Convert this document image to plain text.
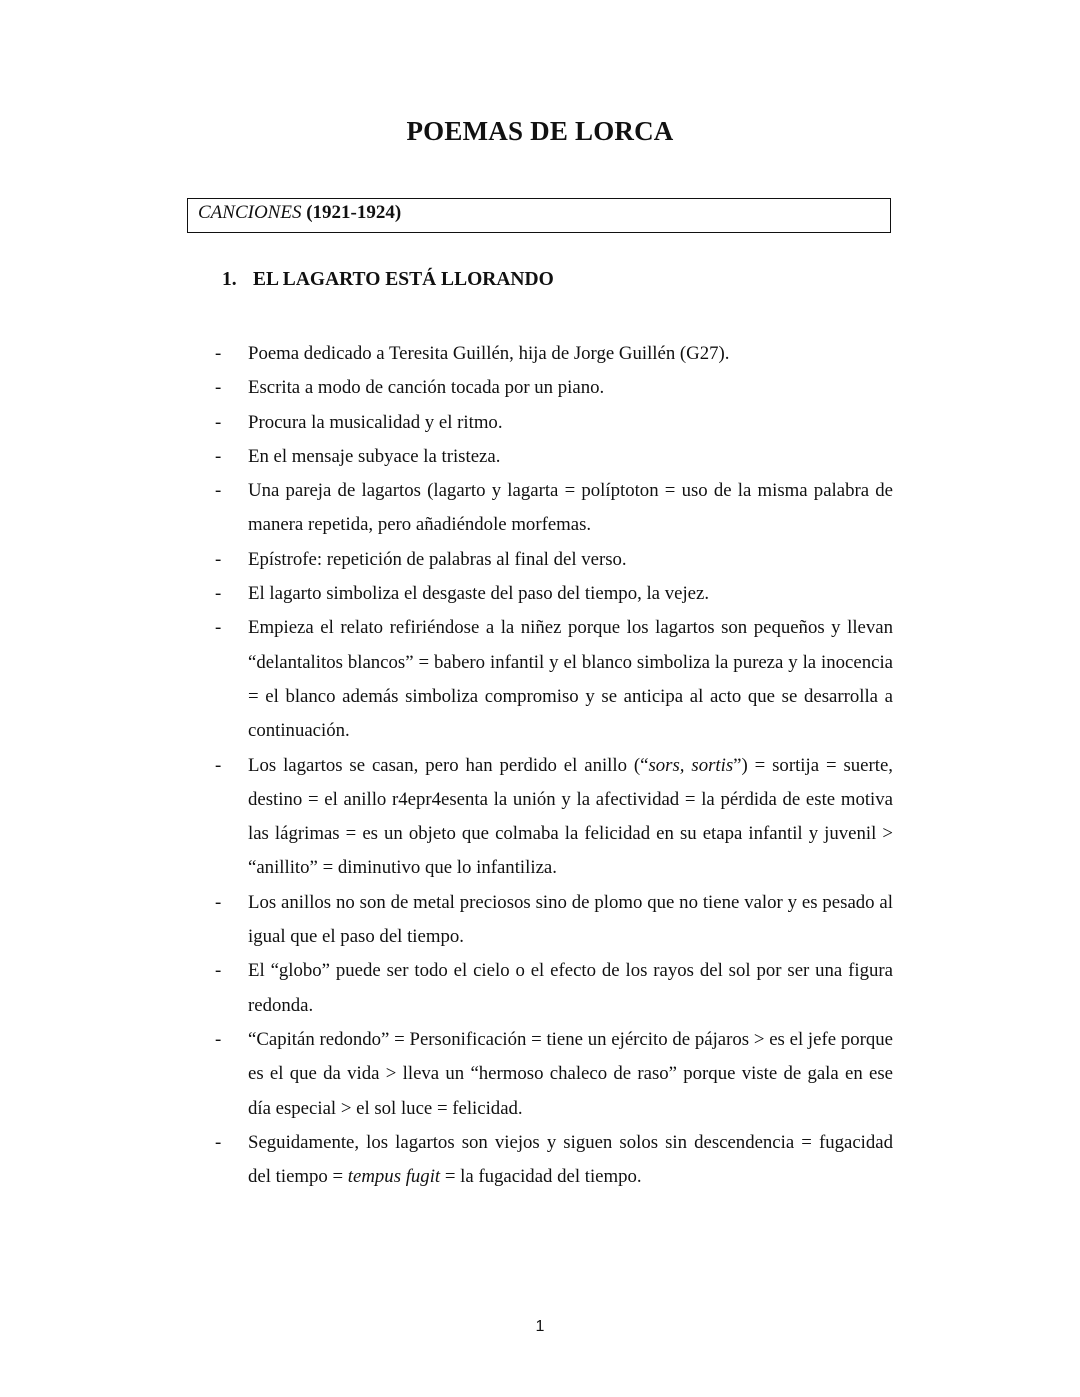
POEMAS DE LORCA
CANCIONES (1921-1924)
1. EL LAGARTO ESTÁ LLORANDO
- Poema dedicado a Teresita Guillén, hija de Jorge Guillén (G27).
- Escrita a modo de canción tocada por un piano.
- Procura la musicalidad y el ritmo.
- En el mensaje subyace la tristeza.
- Una pareja de lagartos (lagarto y lagarta = políptoton = uso de la misma palabra de manera repetida, pero añadiéndole morfemas.
- Epístrofe: repetición de palabras al final del verso.
- El lagarto simboliza el desgaste del paso del tiempo, la vejez.
- Empieza el relato refiriéndose a la niñez porque los lagartos son pequeños y llevan “delantalitos blancos” = babero infantil y el blanco simboliza la pureza y la inocencia = el blanco además simboliza compromiso y se anticipa al acto que se desarrolla a continuación.
- Los lagartos se casan, pero han perdido el anillo (“sors, sortis”) = sortija = suerte, destino = el anillo r4epr4esenta la unión y la afectividad = la pérdida de este motiva las lágrimas = es un objeto que colmaba la felicidad en su etapa infantil y juvenil > “anillito” = diminutivo que lo infantiliza.
- Los anillos no son de metal preciosos sino de plomo que no tiene valor y es pesado al igual que el paso del tiempo.
- El “globo” puede ser todo el cielo o el efecto de los rayos del sol por ser una figura redonda.
- “Capitán redondo” = Personificación = tiene un ejército de pájaros > es el jefe porque es el que da vida > lleva un “hermoso chaleco de raso” porque viste de gala en ese día especial > el sol luce = felicidad.
- Seguidamente, los lagartos son viejos y siguen solos sin descendencia = fugacidad del tiempo = tempus fugit = la fugacidad del tiempo.
1
